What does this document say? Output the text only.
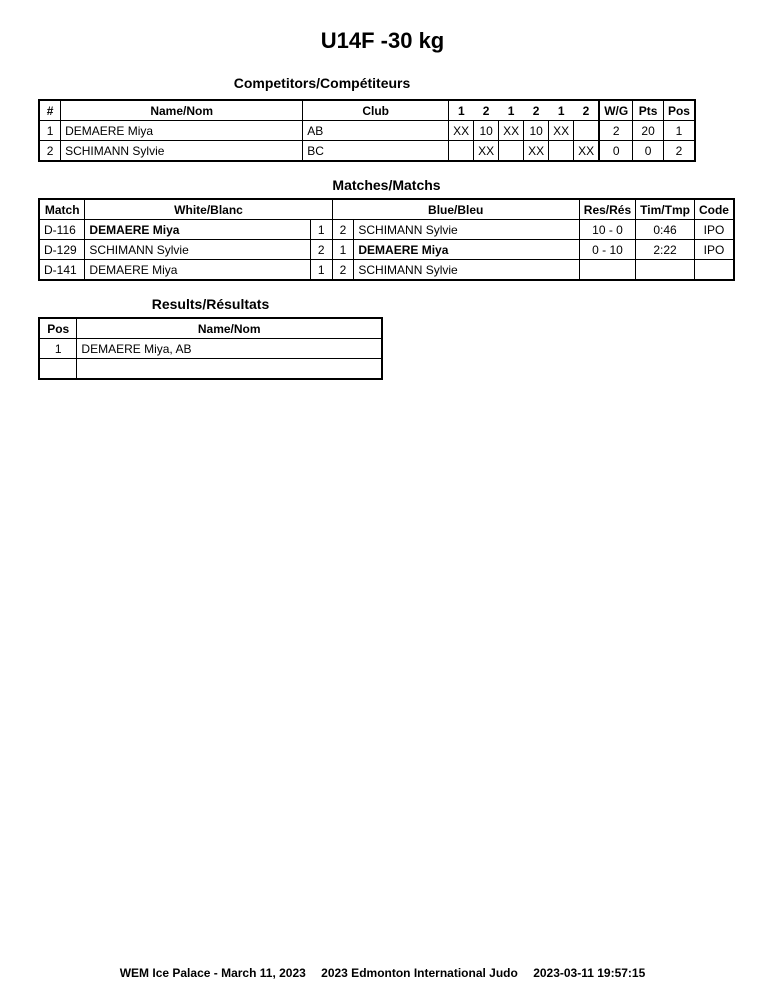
U14F -30 kg
Competitors/Compétiteurs
#	Name/Nom	Club	1	2	1	2	1	2	W/G	Pts	Pos
1	DEMAERE Miya	AB	XX	10	XX	10	XX		2	20	1
2	SCHIMANN Sylvie	BC		XX		XX		XX	0	0	2
Matches/Matchs
Match	White/Blanc		Blue/Bleu		Res/Rés	Tim/Tmp	Code
D-116	DEMAERE Miya	1	2	SCHIMANN Sylvie	10 - 0	0:46	IPO
D-129	SCHIMANN Sylvie	2	1	DEMAERE Miya	0 - 10	2:22	IPO
D-141	DEMAERE Miya	1	2	SCHIMANN Sylvie			
Results/Résultats
Pos	Name/Nom
1	DEMAERE Miya, AB

WEM Ice Palace - March 11, 2023 2023 Edmonton International Judo 2023-03-11 19:57:15
